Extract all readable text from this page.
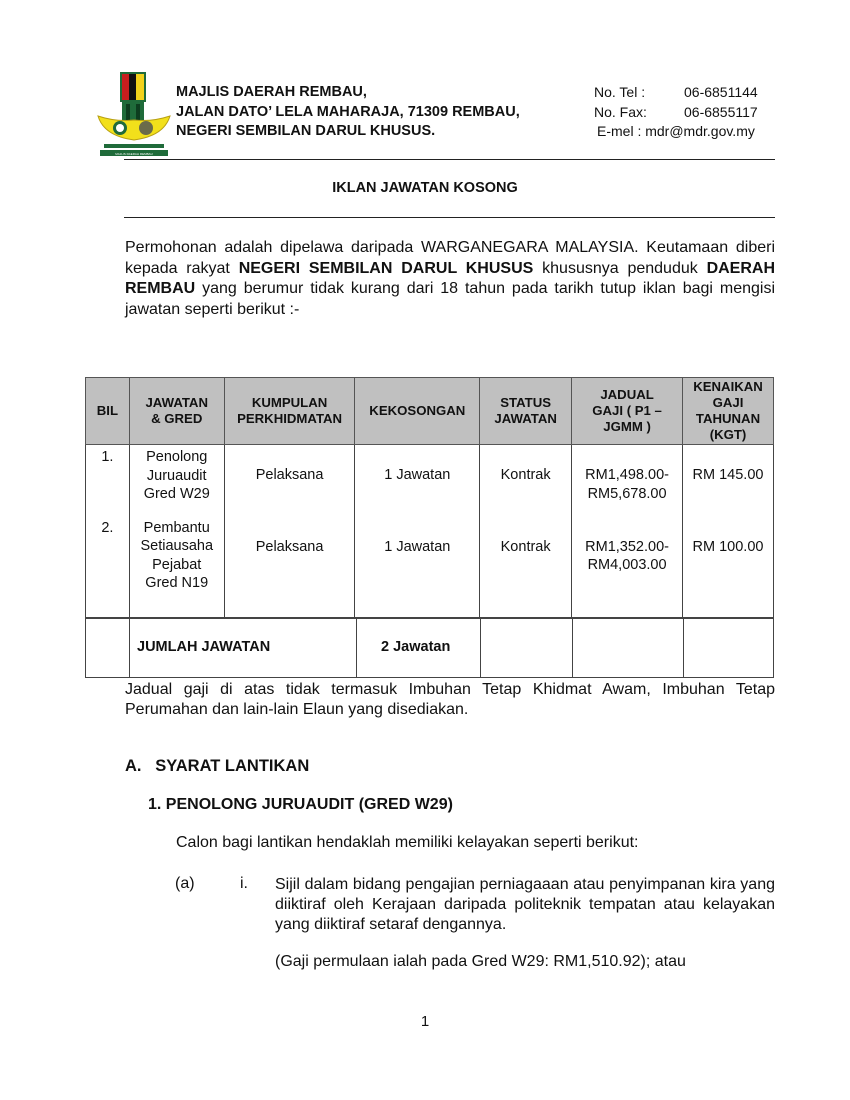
MAJLIS DAERAH REMBAU
MAJLIS DAERAH REMBAU,
JALAN DATO’ LELA MAHARAJA, 71309 REMBAU,
NEGERI SEMBILAN DARUL KHUSUS.
No. Tel :	06-6851144
No. Fax:	06-6855117
E-mel : mdr@mdr.gov.my
IKLAN JAWATAN KOSONG
Permohonan adalah dipelawa daripada WARGANEGARA MALAYSIA. Keutamaan diberi kepada rakyat NEGERI SEMBILAN DARUL KHUSUS khususnya penduduk DAERAH REMBAU yang berumur tidak kurang dari 18 tahun pada tarikh tutup iklan bagi mengisi jawatan seperti berikut :-
BIL	JAWATAN & GRED	KUMPULAN PERKHIDMATAN	KEKOSONGAN	STATUS JAWATAN	JADUAL GAJI ( P1 –JGMM )	KENAIKAN GAJI TAHUNAN (KGT)
1.	Penolong Juruaudit Gred W29	Pelaksana	1 Jawatan	Kontrak	RM1,498.00- RM5,678.00	RM 145.00
2.	Pembantu Setiausaha Pejabat Gred N19	Pelaksana	1 Jawatan	Kontrak	RM1,352.00- RM4,003.00	RM 100.00
JUMLAH JAWATAN	2 Jawatan
Jadual gaji di atas tidak termasuk Imbuhan Tetap Khidmat Awam, Imbuhan Tetap Perumahan dan lain-lain Elaun yang disediakan.
A.   SYARAT LANTIKAN
1. PENOLONG JURUAUDIT (GRED W29)
Calon bagi lantikan hendaklah memiliki kelayakan seperti berikut:
(a)	i. Sijil dalam bidang pengajian perniagaaan atau penyimpanan kira yang diiktiraf oleh Kerajaan daripada politeknik tempatan atau kelayakan yang diiktiraf setaraf dengannya.
(Gaji permulaan ialah pada Gred W29: RM1,510.92); atau
1
